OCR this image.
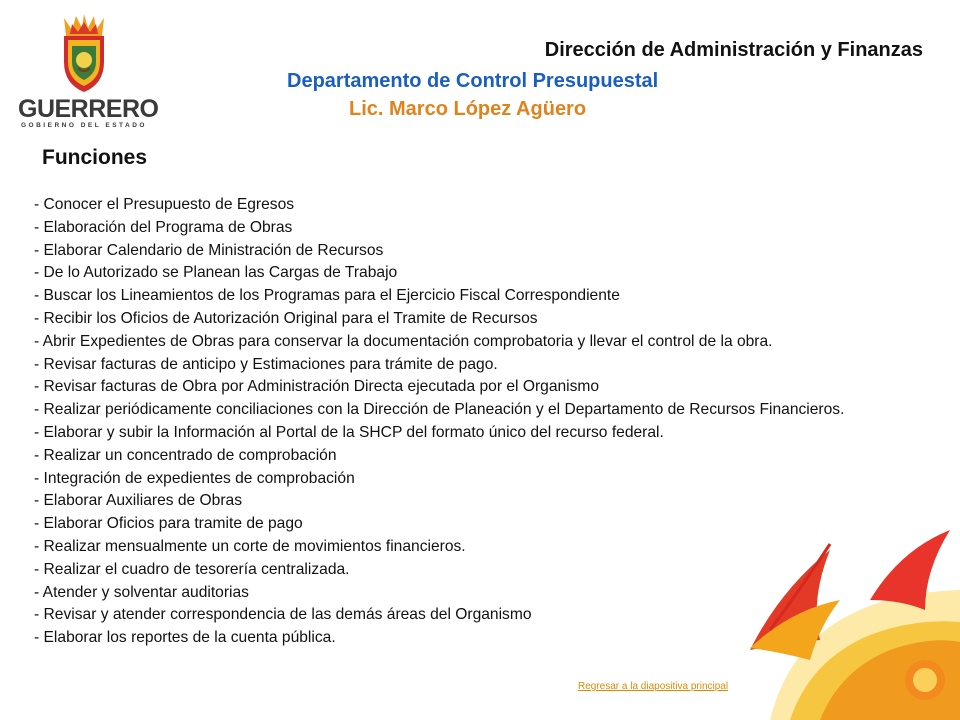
GUERRERO
GOBIERNO DEL ESTADO
Dirección de Administración y Finanzas
Departamento de Control Presupuestal
Lic. Marco López Agüero
Funciones
- Conocer el Presupuesto de Egresos
- Elaboración del Programa de Obras
- Elaborar Calendario de Ministración de Recursos
- De lo Autorizado se Planean las Cargas de Trabajo
- Buscar los Lineamientos de los Programas para el Ejercicio Fiscal Correspondiente
- Recibir los Oficios de Autorización Original para el Tramite de Recursos
- Abrir Expedientes de Obras para conservar la documentación comprobatoria y llevar el control de la obra.
- Revisar facturas de anticipo y Estimaciones para trámite de pago.
- Revisar facturas de Obra por Administración Directa ejecutada por el Organismo
- Realizar periódicamente conciliaciones con la Dirección de Planeación y el Departamento de Recursos Financieros.
- Elaborar y subir la Información al Portal de la SHCP del formato único del recurso federal.
- Realizar un concentrado de comprobación
- Integración de expedientes de comprobación
- Elaborar Auxiliares de Obras
- Elaborar Oficios para tramite de pago
- Realizar mensualmente un corte de movimientos financieros.
- Realizar el cuadro de tesorería centralizada.
- Atender y solventar auditorias
- Revisar y atender correspondencia de las demás áreas del Organismo
- Elaborar los reportes de la cuenta pública.
Regresar a la diapositiva principal
